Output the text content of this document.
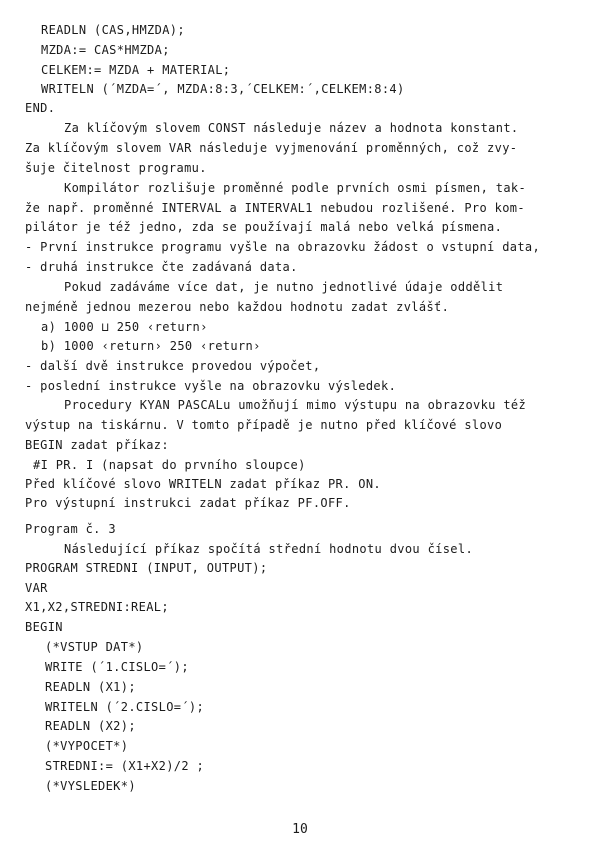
READLN (CAS,HMZDA);
MZDA:= CAS*HMZDA;
CELKEM:= MZDA + MATERIAL;
WRITELN (´MZDA=´, MZDA:8:3,´CELKEM:´,CELKEM:8:4)
END.
Za klíčovým slovem CONST následuje název a hodnota konstant.
Za klíčovým slovem VAR následuje vyjmenování proměnných, což zvy-
šuje čitelnost programu.
Kompilátor rozlišuje proměnné podle prvních osmi písmen, tak-
že např. proměnné INTERVAL a INTERVAL1 nebudou rozlišené. Pro kom-
pilátor je též jedno, zda se používají malá nebo velká písmena.
- První instrukce programu vyšle na obrazovku žádost o vstupní data,
- druhá instrukce čte zadávaná data.
Pokud zadáváme více dat, je nutno jednotlivé údaje oddělit
nejméně jednou mezerou nebo každou hodnotu zadat zvlášť.
a) 1000 ⊔ 250 ‹return›
b) 1000 ‹return› 250 ‹return›
- další dvě instrukce provedou výpočet,
- poslední instrukce vyšle na obrazovku výsledek.
Procedury KYAN PASCALu umožňují mimo výstupu na obrazovku též
výstup na tiskárnu. V tomto případě je nutno před klíčové slovo
BEGIN zadat příkaz:
#I PR. I (napsat do prvního sloupce)
Před klíčové slovo WRITELN zadat příkaz PR. ON.
Pro výstupní instrukci zadat příkaz PF.OFF.
Program č. 3
Následující příkaz spočítá střední hodnotu dvou čísel.
PROGRAM STREDNI (INPUT, OUTPUT);
VAR
X1,X2,STREDNI:REAL;
BEGIN
(*VSTUP DAT*)
WRITE (´1.CISLO=´);
READLN (X1);
WRITELN (´2.CISLO=´);
READLN (X2);
(*VYPOCET*)
STREDNI:= (X1+X2)/2 ;
(*VYSLEDEK*)
10
